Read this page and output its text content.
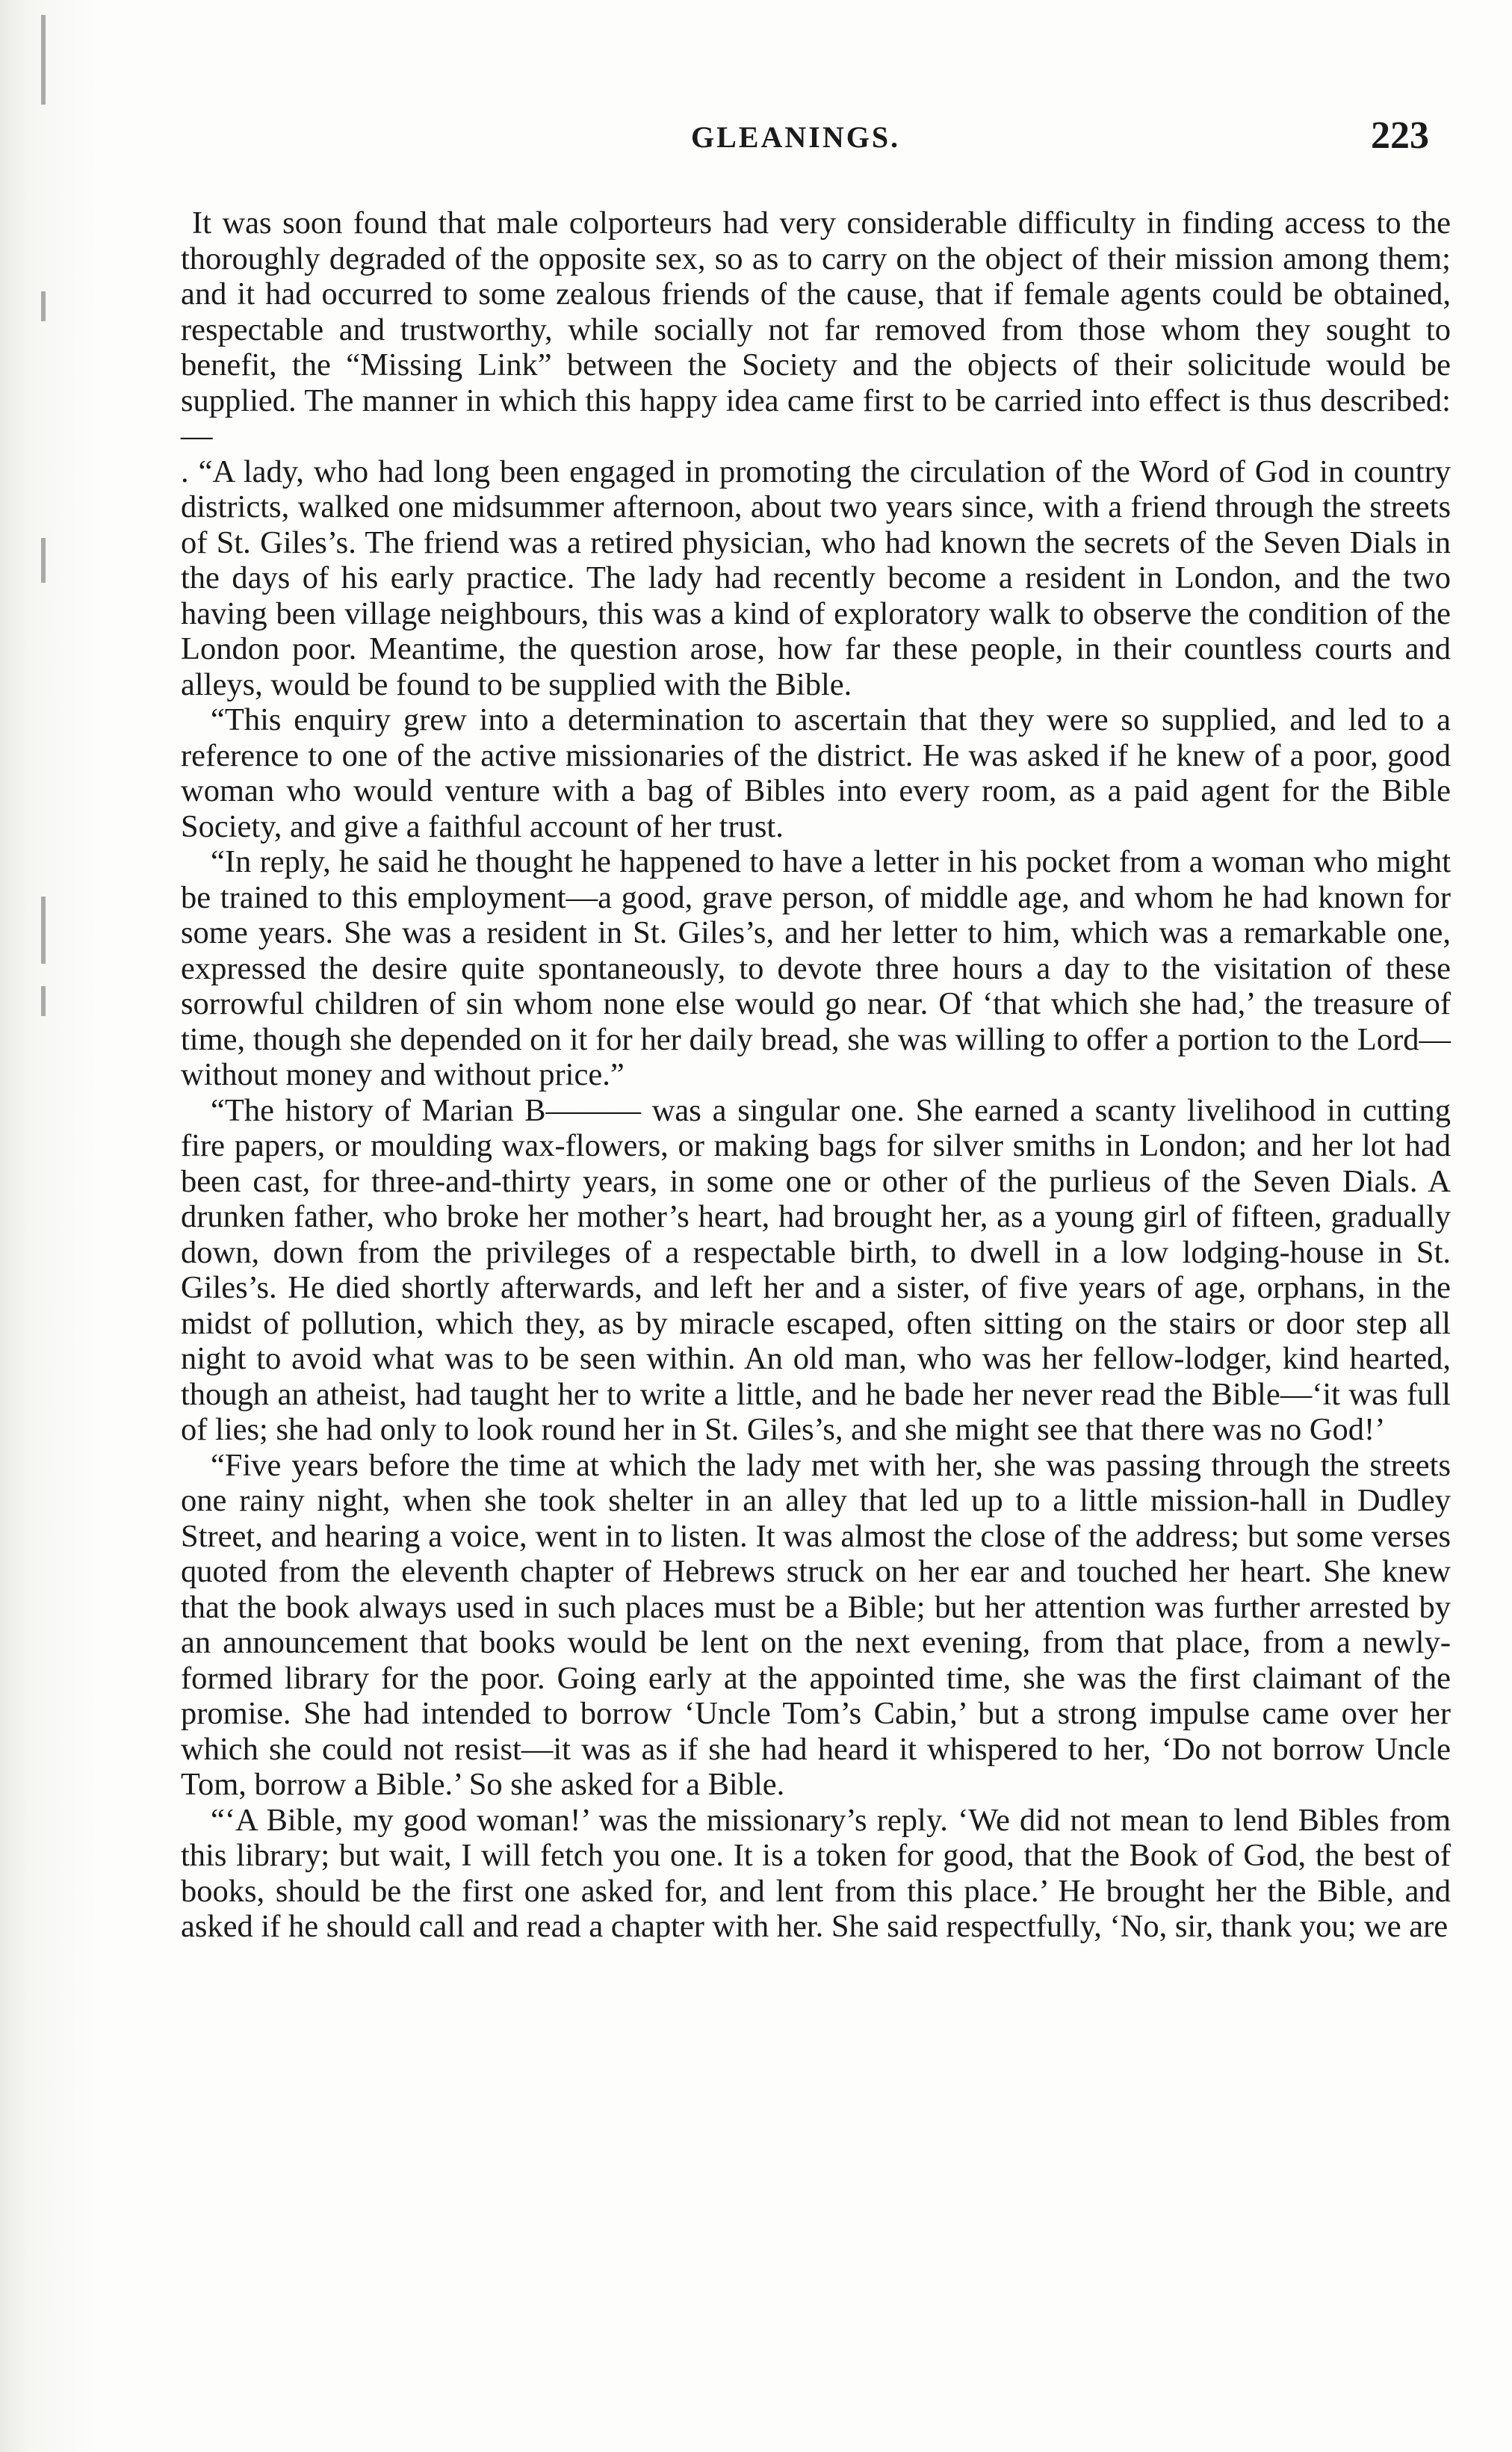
GLEANINGS.	223

It was soon found that male colporteurs had very considerable difficulty in finding access to the thoroughly degraded of the opposite sex, so as to carry on the object of their mission among them; and it had occurred to some zealous friends of the cause, that if female agents could be obtained, respectable and trustworthy, while socially not far removed from those whom they sought to benefit, the “Missing Link” between the Society and the objects of their solicitude would be supplied. The manner in which this happy idea came first to be carried into effect is thus described: —

. “A lady, who had long been engaged in promoting the circulation of the Word of God in country districts, walked one midsummer afternoon, about two years since, with a friend through the streets of St. Giles’s. The friend was a retired physician, who had known the secrets of the Seven Dials in the days of his early practice. The lady had recently become a resident in London, and the two having been village neighbours, this was a kind of exploratory walk to observe the condition of the London poor. Meantime, the question arose, how far these people, in their countless courts and alleys, would be found to be supplied with the Bible.

“This enquiry grew into a determination to ascertain that they were so supplied, and led to a reference to one of the active missionaries of the district. He was asked if he knew of a poor, good woman who would venture with a bag of Bibles into every room, as a paid agent for the Bible Society, and give a faithful account of her trust.

“In reply, he said he thought he happened to have a letter in his pocket from a woman who might be trained to this employment—a good, grave person, of middle age, and whom he had known for some years. She was a resident in St. Giles’s, and her letter to him, which was a remarkable one, expressed the desire quite spontaneously, to devote three hours a day to the visitation of these sorrowful children of sin whom none else would go near. Of ‘that which she had,’ the treasure of time, though she depended on it for her daily bread, she was willing to offer a portion to the Lord—without money and without price.”

“The history of Marian B——— was a singular one. She earned a scanty livelihood in cutting fire papers, or moulding wax-flowers, or making bags for silver smiths in London; and her lot had been cast, for three-and-thirty years, in some one or other of the purlieus of the Seven Dials. A drunken father, who broke her mother’s heart, had brought her, as a young girl of fifteen, gradually down, down from the privileges of a respectable birth, to dwell in a low lodging-house in St. Giles’s. He died shortly afterwards, and left her and a sister, of five years of age, orphans, in the midst of pollution, which they, as by miracle escaped, often sitting on the stairs or door step all night to avoid what was to be seen within. An old man, who was her fellow-lodger, kind hearted, though an atheist, had taught her to write a little, and he bade her never read the Bible—‘it was full of lies; she had only to look round her in St. Giles’s, and she might see that there was no God!’

“Five years before the time at which the lady met with her, she was passing through the streets one rainy night, when she took shelter in an alley that led up to a little mission-hall in Dudley Street, and hearing a voice, went in to listen. It was almost the close of the address; but some verses quoted from the eleventh chapter of Hebrews struck on her ear and touched her heart. She knew that the book always used in such places must be a Bible; but her attention was further arrested by an announcement that books would be lent on the next evening, from that place, from a newly-formed library for the poor. Going early at the appointed time, she was the first claimant of the promise. She had intended to borrow ‘Uncle Tom’s Cabin,’ but a strong impulse came over her which she could not resist—it was as if she had heard it whispered to her, ‘Do not borrow Uncle Tom, borrow a Bible.’ So she asked for a Bible.

“‘A Bible, my good woman!’ was the missionary’s reply. ‘We did not mean to lend Bibles from this library; but wait, I will fetch you one. It is a token for good, that the Book of God, the best of books, should be the first one asked for, and lent from this place.’ He brought her the Bible, and asked if he should call and read a chapter with her. She said respectfully, ‘No, sir, thank you; we are
